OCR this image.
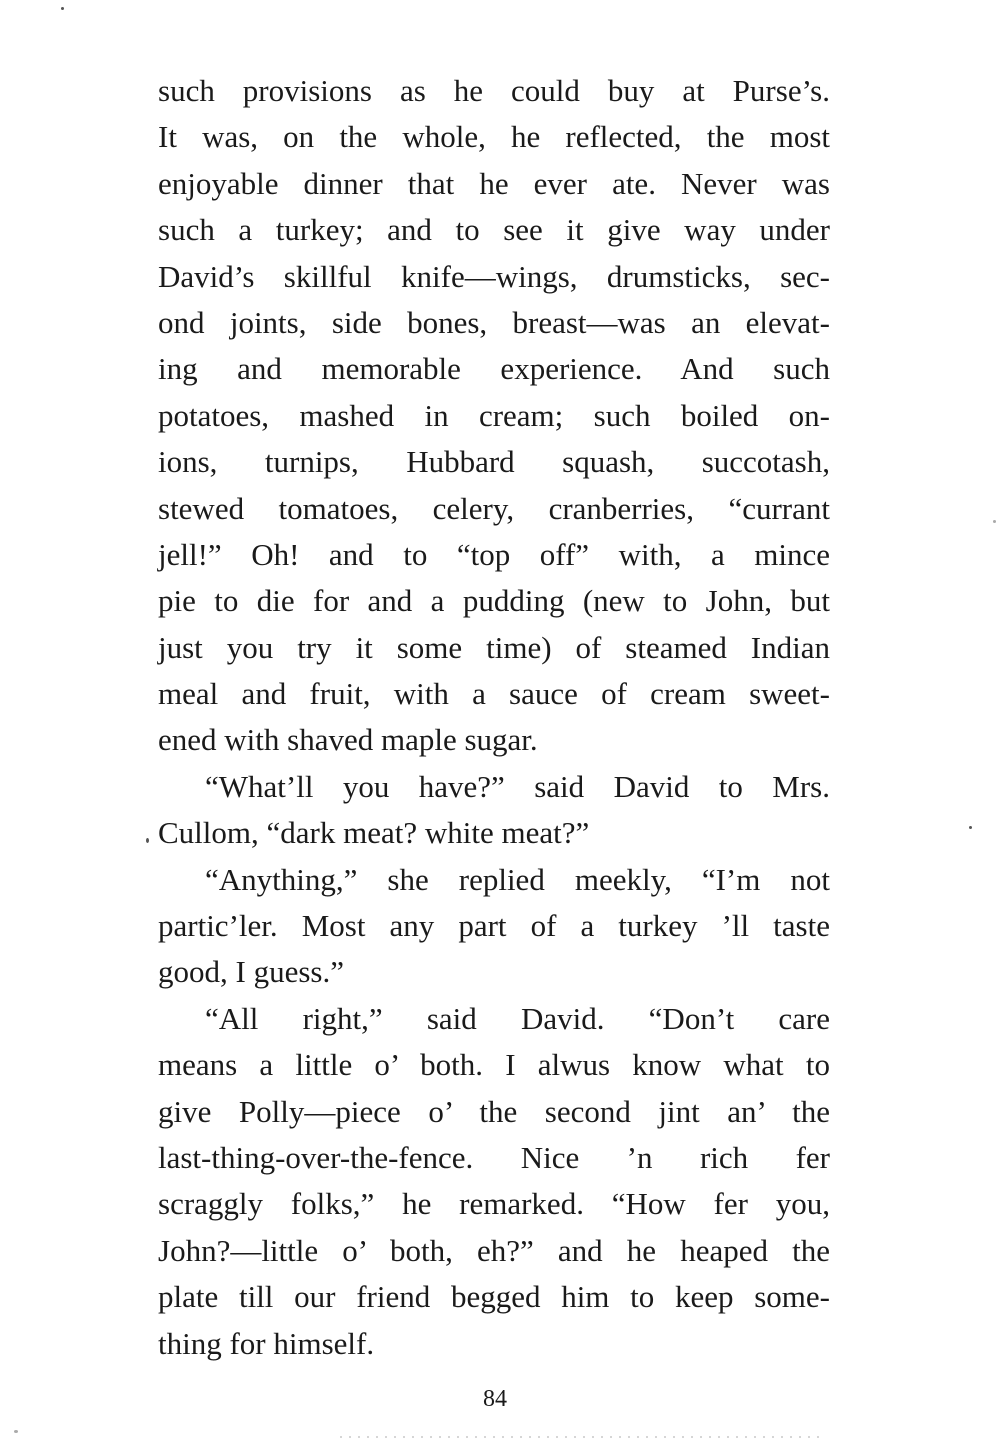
such provisions as he could buy at Purse’s.
It was, on the whole, he reflected, the most
enjoyable dinner that he ever ate. Never was
such a turkey; and to see it give way under
David’s skillful knife—wings, drumsticks, sec-
ond joints, side bones, breast—was an elevat-
ing and memorable experience. And such
potatoes, mashed in cream; such boiled on-
ions, turnips, Hubbard squash, succotash,
stewed tomatoes, celery, cranberries, “currant
jell!” Oh! and to “top off” with, a mince
pie to die for and a pudding (new to John, but
just you try it some time) of steamed Indian
meal and fruit, with a sauce of cream sweet-
ened with shaved maple sugar.
“What’ll you have?” said David to Mrs.
Cullom, “dark meat? white meat?”
“Anything,” she replied meekly, “I’m not
partic’ler. Most any part of a turkey ’ll taste
good, I guess.”
“All right,” said David. “Don’t care
means a little o’ both. I alwus know what to
give Polly—piece o’ the second jint an’ the
last-thing-over-the-fence. Nice ’n rich fer
scraggly folks,” he remarked. “How fer you,
John?—little o’ both, eh?” and he heaped the
plate till our friend begged him to keep some-
thing for himself.
84
